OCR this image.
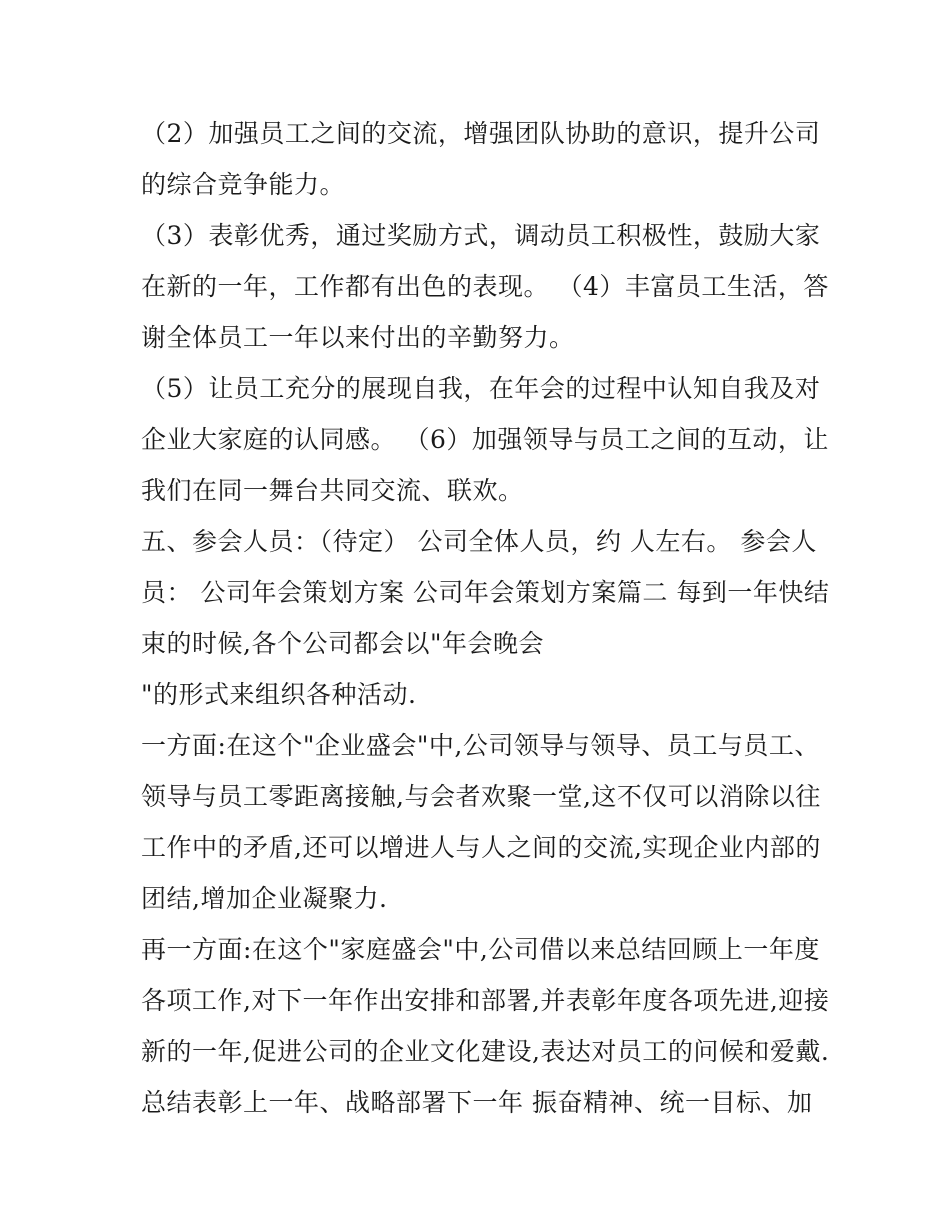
（2）加强员工之间的交流，增强团队协助的意识，提升公司
的综合竞争能力。
（3）表彰优秀，通过奖励方式，调动员工积极性，鼓励大家
在新的一年，工作都有出色的表现。 （4）丰富员工生活，答
谢全体员工一年以来付出的辛勤努力。
（5）让员工充分的展现自我，在年会的过程中认知自我及对
企业大家庭的认同感。 （6）加强领导与员工之间的互动，让
我们在同一舞台共同交流、联欢。
五、参会人员：（待定） 公司全体人员，约 人左右。 参会人
员： 公司年会策划方案 公司年会策划方案篇二 每到一年快结
束的时候,各个公司都会以"年会晚会
"的形式来组织各种活动.
一方面:在这个"企业盛会"中,公司领导与领导、员工与员工、
领导与员工零距离接触,与会者欢聚一堂,这不仅可以消除以往
工作中的矛盾,还可以增进人与人之间的交流,实现企业内部的
团结,增加企业凝聚力.
再一方面:在这个"家庭盛会"中,公司借以来总结回顾上一年度
各项工作,对下一年作出安排和部署,并表彰年度各项先进,迎接
新的一年,促进公司的企业文化建设,表达对员工的问候和爱戴.
总结表彰上一年、战略部署下一年 振奋精神、统一目标、加
